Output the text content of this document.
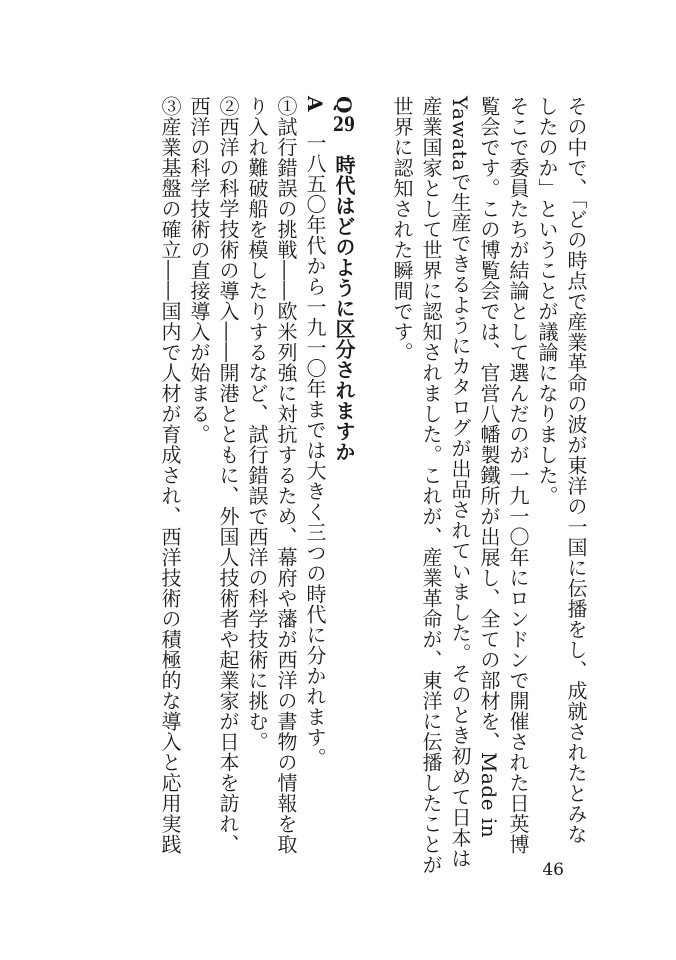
その中で、「どの時点で産業革命の波が東洋の一国に伝播をし、成就されたとみな
したのか」ということが議論になりました。
そこで委員たちが結論として選んだのが一九一〇年にロンドンで開催された日英博
覧会です。この博覧会では、官営八幡製鐵所が出展し、全ての部材を、Made in
Yawataで生産できるようにカタログが出品されていました。そのとき初めて日本は
産業国家として世界に認知されました。これが、産業革命が、東洋に伝播したことが
世界に認知された瞬間です。
Q29　時代はどのように区分されますか
A　一八五〇年代から一九一〇年までは大きく三つの時代に分かれます。
①試行錯誤の挑戦――欧米列強に対抗するため、幕府や藩が西洋の書物の情報を取
り入れ難破船を模したりするなど、試行錯誤で西洋の科学技術に挑む。
②西洋の科学技術の導入――開港とともに、外国人技術者や起業家が日本を訪れ、
西洋の科学技術の直接導入が始まる。
③産業基盤の確立――国内で人材が育成され、西洋技術の積極的な導入と応用実践
46
